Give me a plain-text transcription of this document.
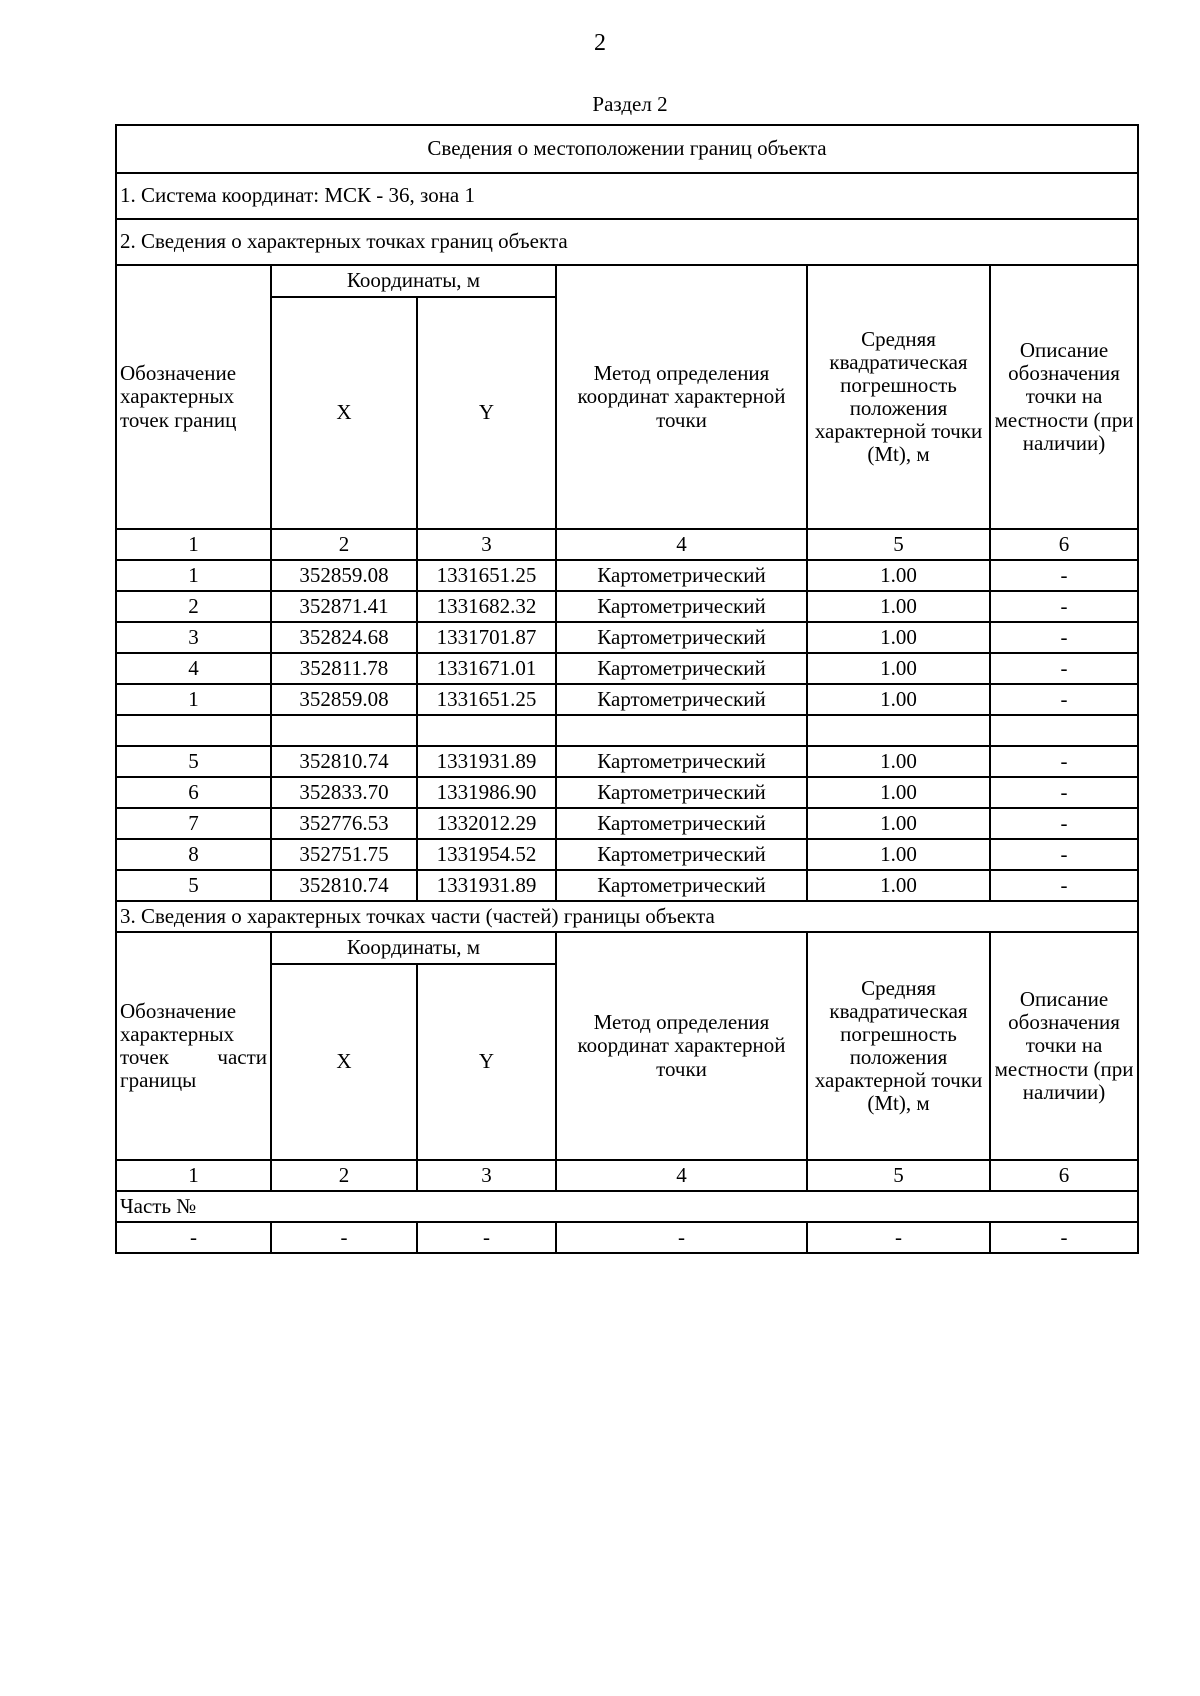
2
Раздел 2
Сведения о местоположении границ объекта					
1. Система координат: МСК - 36, зона 1					
2. Сведения о характерных точках границ объекта					
Обозначение характерных точек границ	Координаты, м		Метод определения координат характерной точки	Средняя квадратическая погрешность положения характерной точки (Mt), м	Описание обозначения точки на местности (при наличии)
	X	Y			
1	2	3	4	5	6
1	352859.08	1331651.25	Картометрический	1.00	-
2	352871.41	1331682.32	Картометрический	1.00	-
3	352824.68	1331701.87	Картометрический	1.00	-
4	352811.78	1331671.01	Картометрический	1.00	-
1	352859.08	1331651.25	Картометрический	1.00	-

5	352810.74	1331931.89	Картометрический	1.00	-
6	352833.70	1331986.90	Картометрический	1.00	-
7	352776.53	1332012.29	Картометрический	1.00	-
8	352751.75	1331954.52	Картометрический	1.00	-
5	352810.74	1331931.89	Картометрический	1.00	-
3. Сведения о характерных точках части (частей) границы объекта					
Обозначение характерных точек части границы	Координаты, м		Метод определения координат характерной точки	Средняя квадратическая погрешность положения характерной точки (Mt), м	Описание обозначения точки на местности (при наличии)
	X	Y			
1	2	3	4	5	6
Часть №					
-	-	-	-	-	-
